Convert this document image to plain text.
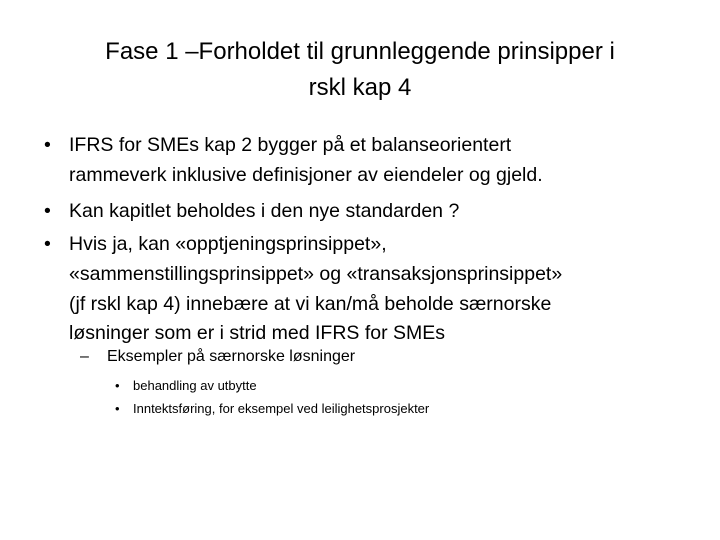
Fase 1 –Forholdet til grunnleggende prinsipper i
rskl kap 4
• IFRS for SMEs kap 2 bygger på et balanseorientert
rammeverk inklusive definisjoner av eiendeler og gjeld.
• Kan kapitlet beholdes i den nye standarden ?
• Hvis ja, kan «opptjeningsprinsippet»,
«sammenstillingsprinsippet» og «transaksjonsprinsippet»
(jf rskl kap 4) innebære at vi kan/må beholde særnorske
løsninger som er i strid med IFRS for SMEs
– Eksempler på særnorske løsninger
• behandling av utbytte
• Inntektsføring, for eksempel ved leilighetsprosjekter
